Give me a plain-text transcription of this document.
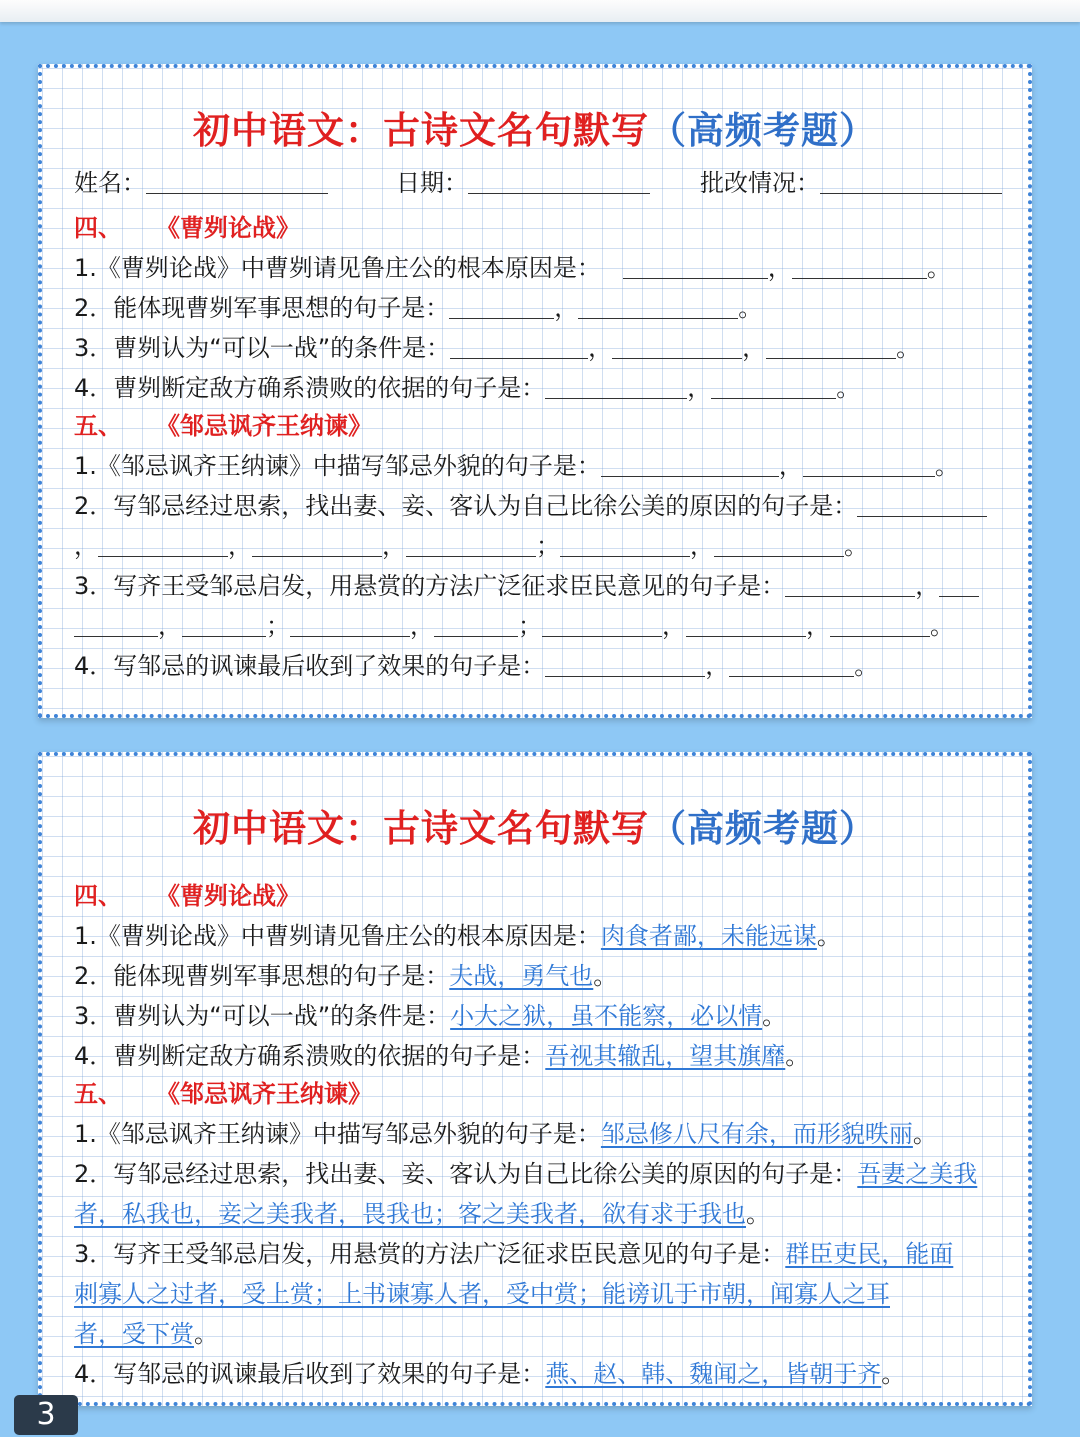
初中语文：古诗文名句默写（高频考题）
姓名：	日期：	批改情况：
四、 《曹刿论战》
1.《曹刿论战》中曹刿请见鲁庄公的根本原因是：	，	。
2．能体现曹刿军事思想的句子是：	，	。
3．曹刿认为“可以一战”的条件是：	，	，	。
4．曹刿断定敌方确系溃败的依据的句子是：	，	。
五、 《邹忌讽齐王纳谏》
1.《邹忌讽齐王纳谏》中描写邹忌外貌的句子是：	，	。
2．写邹忌经过思索，找出妻、妾、客认为自己比徐公美的原因的句子是：
，	，	，	；	，	。
3．写齐王受邹忌启发，用悬赏的方法广泛征求臣民意见的句子是：	，
，	；	，	；	，	，	。
4．写邹忌的讽谏最后收到了效果的句子是：	，	。
初中语文：古诗文名句默写（高频考题）
四、 《曹刿论战》
1.《曹刿论战》中曹刿请见鲁庄公的根本原因是：肉食者鄙，未能远谋。
2．能体现曹刿军事思想的句子是：夫战，勇气也。
3．曹刿认为“可以一战”的条件是：小大之狱，虽不能察，必以情。
4．曹刿断定敌方确系溃败的依据的句子是：吾视其辙乱，望其旗靡。
五、 《邹忌讽齐王纳谏》
1.《邹忌讽齐王纳谏》中描写邹忌外貌的句子是：邹忌修八尺有余，而形貌昳丽。
2．写邹忌经过思索，找出妻、妾、客认为自己比徐公美的原因的句子是：吾妻之美我
者，私我也，妾之美我者，畏我也；客之美我者，欲有求于我也。
3．写齐王受邹忌启发，用悬赏的方法广泛征求臣民意见的句子是：群臣吏民，能面
刺寡人之过者，受上赏；上书谏寡人者，受中赏；能谤讥于市朝，闻寡人之耳
者，受下赏。
4．写邹忌的讽谏最后收到了效果的句子是：燕、赵、韩、魏闻之，皆朝于齐。
3
